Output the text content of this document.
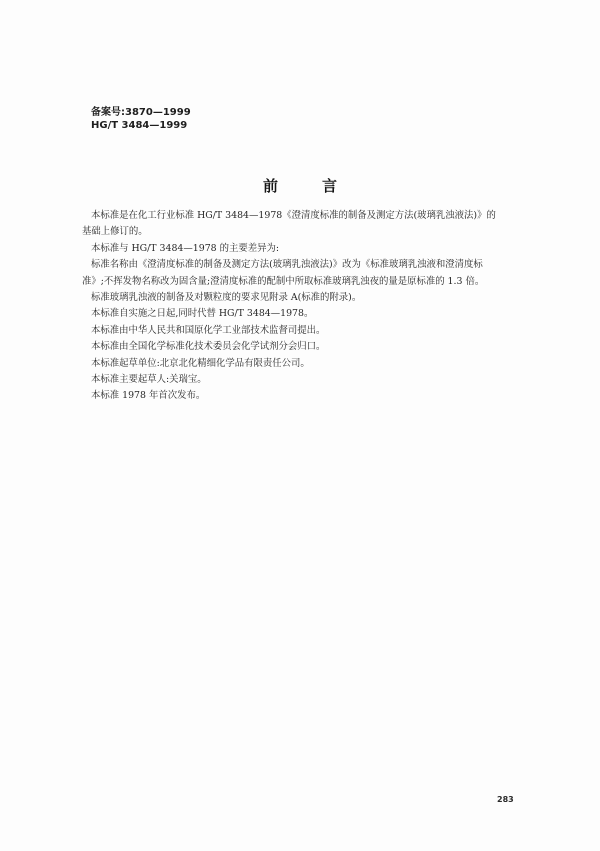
备案号:3870—1999
HG/T 3484—1999
前言

本标准是在化工行业标准 HG/T 3484—1978《澄清度标准的制备及测定方法(玻璃乳浊液法)》的

基础上修订的。

本标准与 HG/T 3484—1978 的主要差异为:

标准名称由《澄清度标准的制备及测定方法(玻璃乳浊液法)》改为《标准玻璃乳浊液和澄清度标

准》;不挥发物名称改为固含量;澄清度标准的配制中所取标准玻璃乳浊夜的量是原标准的 1.3 倍。

标准玻璃乳浊液的制备及对颗粒度的要求见附录 A(标准的附录)。

本标准自实施之日起,同时代替 HG/T 3484—1978。

本标准由中华人民共和国原化学工业部技术监督司提出。

本标准由全国化学标准化技术委员会化学试剂分会归口。

本标准起草单位:北京北化精细化学品有限责任公司。

本标准主要起草人:关瑞宝。

本标准 1978 年首次发布。

283
